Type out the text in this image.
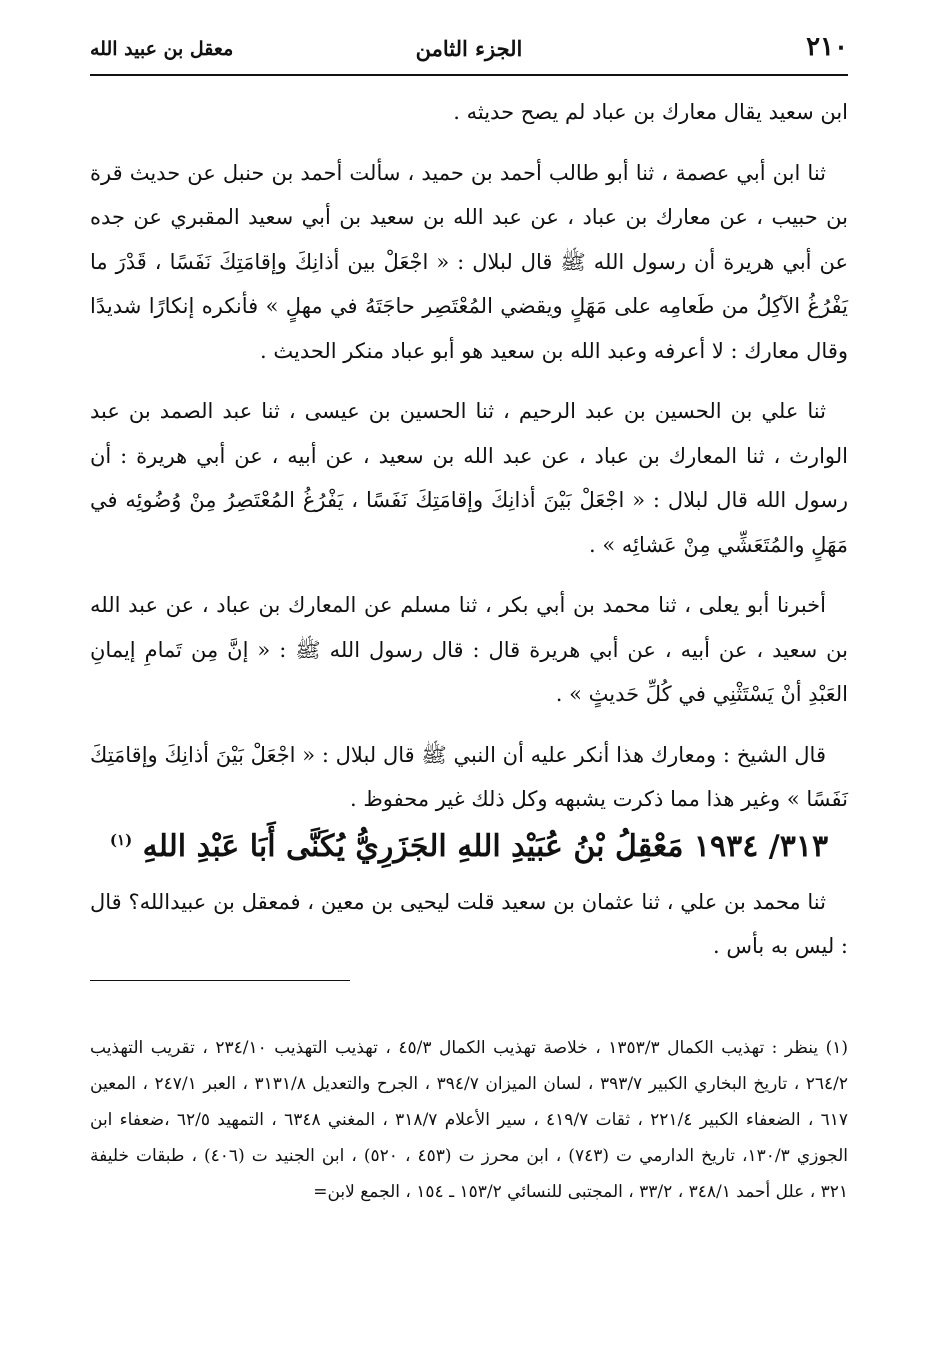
٢١٠
الجزء الثامن
معقل بن عبيد الله

ابن سعيد يقال معارك بن عباد لم يصح حديثه .

ثنا ابن أبي عصمة ، ثنا أبو طالب أحمد بن حميد ، سألت أحمد بن حنبل عن حديث قرة بن حبيب ، عن معارك بن عباد ، عن عبد الله بن سعيد بن أبي سعيد المقبري عن جده عن أبي هريرة أن رسول الله ﷺ قال لبلال : « اجْعَلْ بين أذانِكَ وإقامَتِكَ نَفَسًا ، قَدْرَ ما يَفْرُغُ الآكِلُ من طَعامِه على مَهَلٍ ويقضي المُعْتَصِر حاجَتَهُ في مهلٍ » فأنكره إنكارًا شديدًا وقال معارك : لا أعرفه وعبد الله بن سعيد هو أبو عباد منكر الحديث .

ثنا علي بن الحسين بن عبد الرحيم ، ثنا الحسين بن عيسى ، ثنا عبد الصمد بن عبد الوارث ، ثنا المعارك بن عباد ، عن عبد الله بن سعيد ، عن أبيه ، عن أبي هريرة : أن رسول الله قال لبلال : « اجْعَلْ بَيْنَ أذانِكَ وإقامَتِكَ نَفَسًا ، يَفْرُغُ المُعْتَصِرُ مِنْ وُضُوئِه في مَهَلٍ والمُتَعَشِّي مِنْ عَشائِه » .

أخبرنا أبو يعلى ، ثنا محمد بن أبي بكر ، ثنا مسلم عن المعارك بن عباد ، عن عبد الله بن سعيد ، عن أبيه ، عن أبي هريرة قال : قال رسول الله ﷺ : « إنَّ مِن تَمامِ إيمانِ العَبْدِ أنْ يَسْتَثْنِي في كُلِّ حَديثٍ » .

قال الشيخ : ومعارك هذا أنكر عليه أن النبي ﷺ قال لبلال : « اجْعَلْ بَيْنَ أذانِكَ وإقامَتِكَ نَفَسًا » وغير هذا مما ذكرت يشبهه وكل ذلك غير محفوظ .

٣١٣/ ١٩٣٤ مَعْقِلُ بْنُ عُبَيْدِ اللهِ الجَزَرِيُّ يُكَنَّى أَبَا عَبْدِ اللهِ $^{(١)}$

ثنا محمد بن علي ، ثنا عثمان بن سعيد قلت ليحيى بن معين ، فمعقل بن عبيدالله؟ قال : ليس به بأس .

(١) ينظر : تهذيب الكمال ١٣٥٣/٣ ، خلاصة تهذيب الكمال ٤٥/٣ ، تهذيب التهذيب ٢٣٤/١٠ ، تقريب التهذيب ٢٦٤/٢ ، تاريخ البخاري الكبير ٣٩٣/٧ ، لسان الميزان ٣٩٤/٧ ، الجرح والتعديل ٣١٣١/٨ ، العبر ٢٤٧/١ ، المعين ٦١٧ ، الضعفاء الكبير ٢٢١/٤ ، ثقات ٤١٩/٧ ، سير الأعلام ٣١٨/٧ ، المغني ٦٣٤٨ ، التمهيد ٦٢/٥ ،ضعفاء ابن الجوزي ١٣٠/٣، تاريخ الدارمي ت (٧٤٣) ، ابن محرز ت (٤٥٣ ، ٥٢٠) ، ابن الجنيد ت (٤٠٦) ، طبقات خليفة ٣٢١ ، علل أحمد ٣٤٨/١ ، ٣٣/٢ ، المجتبى للنسائي ١٥٣/٢ ـ ١٥٤ ، الجمع لابن=
